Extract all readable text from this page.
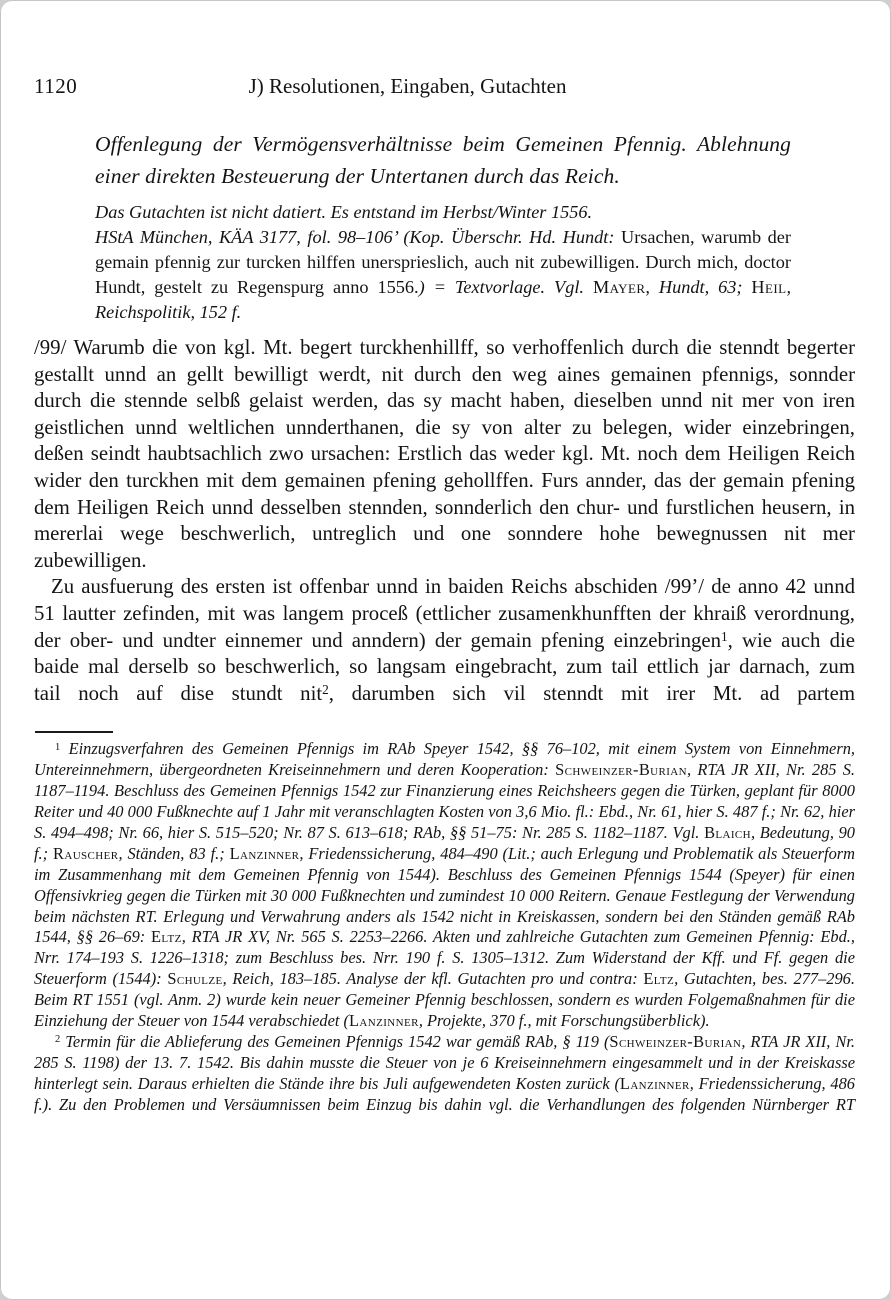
1120	J) Resolutionen, Eingaben, Gutachten
Offenlegung der Vermögensverhältnisse beim Gemeinen Pfennig. Ablehnung einer direkten Besteuerung der Untertanen durch das Reich.

Das Gutachten ist nicht datiert. Es entstand im Herbst/Winter 1556.

HStA München, KÄA 3177, fol. 98–106’ (Kop. Überschr. Hd. Hundt: Ursachen, warumb der gemain pfennig zur turcken hilffen unersprieslich, auch nit zubewilligen. Durch mich, doctor Hundt, gestelt zu Regenspurg anno 1556.) = Textvorlage. Vgl. Mayer, Hundt, 63; Heil, Reichspolitik, 152 f.

/99/ Warumb die von kgl. Mt. begert turckhenhillff, so verhoffenlich durch die stenndt begerter gestallt unnd an gellt bewilligt werdt, nit durch den weg aines gemainen pfennigs, sonnder durch die stennde selbß gelaist werden, das sy macht haben, dieselben unnd nit mer von iren geistlichen unnd weltlichen unnderthanen, die sy von alter zu belegen, wider einzebringen, deßen seindt haubtsachlich zwo ursachen: Erstlich das weder kgl. Mt. noch dem Heiligen Reich wider den turckhen mit dem gemainen pfening gehollffen. Furs annder, das der gemain pfening dem Heiligen Reich unnd desselben stennden, sonnderlich den chur- und furstlichen heusern, in mererlai wege beschwerlich, untreglich und one sonndere hohe bewegnussen nit mer zubewilligen.

Zu ausfuerung des ersten ist offenbar unnd in baiden Reichs abschiden /99’/ de anno 42 unnd 51 lautter zefinden, mit was langem proceß (ettlicher zusamenkhunfften der khraiß verordnung, der ober- und undter einnemer und anndern) der gemain pfening einzebringen$^1$, wie auch die baide mal derselb so beschwerlich, so langsam eingebracht, zum tail ettlich jar darnach, zum tail noch auf dise stundt nit$^2$, darumben sich vil stenndt mit irer Mt. ad partem

$^1$ Einzugsverfahren des Gemeinen Pfennigs im RAb Speyer 1542, §§ 76–102, mit einem System von Einnehmern, Untereinnehmern, übergeordneten Kreiseinnehmern und deren Kooperation: Schweinzer-Burian, RTA JR XII, Nr. 285 S. 1187–1194. Beschluss des Gemeinen Pfennigs 1542 zur Finanzierung eines Reichsheers gegen die Türken, geplant für 8000 Reiter und 40 000 Fußknechte auf 1 Jahr mit veranschlagten Kosten von 3,6 Mio. fl.: Ebd., Nr. 61, hier S. 487 f.; Nr. 62, hier S. 494–498; Nr. 66, hier S. 515–520; Nr. 87 S. 613–618; RAb, §§ 51–75: Nr. 285 S. 1182–1187. Vgl. Blaich, Bedeutung, 90 f.; Rauscher, Ständen, 83 f.; Lanzinner, Friedenssicherung, 484–490 (Lit.; auch Erlegung und Problematik als Steuerform im Zusammenhang mit dem Gemeinen Pfennig von 1544). Beschluss des Gemeinen Pfennigs 1544 (Speyer) für einen Offensivkrieg gegen die Türken mit 30 000 Fußknechten und zumindest 10 000 Reitern. Genaue Festlegung der Verwendung beim nächsten RT. Erlegung und Verwahrung anders als 1542 nicht in Kreiskassen, sondern bei den Ständen gemäß RAb 1544, §§ 26–69: Eltz, RTA JR XV, Nr. 565 S. 2253–2266. Akten und zahlreiche Gutachten zum Gemeinen Pfennig: Ebd., Nrr. 174–193 S. 1226–1318; zum Beschluss bes. Nrr. 190 f. S. 1305–1312. Zum Widerstand der Kff. und Ff. gegen die Steuerform (1544): Schulze, Reich, 183–185. Analyse der kfl. Gutachten pro und contra: Eltz, Gutachten, bes. 277–296. Beim RT 1551 (vgl. Anm. 2) wurde kein neuer Gemeiner Pfennig beschlossen, sondern es wurden Folgemaßnahmen für die Einziehung der Steuer von 1544 verabschiedet (Lanzinner, Projekte, 370 f., mit Forschungsüberblick).

$^2$ Termin für die Ablieferung des Gemeinen Pfennigs 1542 war gemäß RAb, § 119 (Schweinzer-Burian, RTA JR XII, Nr. 285 S. 1198) der 13. 7. 1542. Bis dahin musste die Steuer von je 6 Kreiseinnehmern eingesammelt und in der Kreiskasse hinterlegt sein. Daraus erhielten die Stände ihre bis Juli aufgewendeten Kosten zurück (Lanzinner, Friedenssicherung, 486 f.). Zu den Problemen und Versäumnissen beim Einzug bis dahin vgl. die Verhandlungen des folgenden Nürnberger RT
